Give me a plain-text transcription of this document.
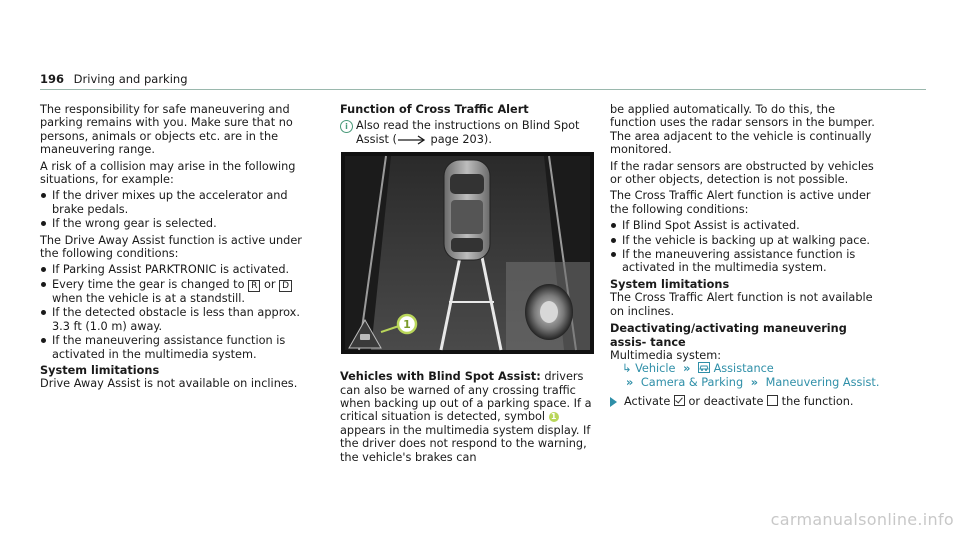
196 Driving and parking

The responsibility for safe maneuvering and parking remains with you. Make sure that no persons, animals or objects etc. are in the maneuvering range.

A risk of a collision may arise in the following situations, for example:

If the driver mixes up the accelerator and brake pedals.
If the wrong gear is selected.

The Drive Away Assist function is active under the following conditions:

If Parking Assist PARKTRONIC is activated.
Every time the gear is changed to R or D when the vehicle is at a standstill.
If the detected obstacle is less than approx. 3.3 ft (1.0 m) away.
If the maneuvering assistance function is activated in the multimedia system.
System limitations

Drive Away Assist is not available on inclines.

Function of Cross Traffic Alert
i Also read the instructions on Blind Spot Assist (	page 203).
1

Vehicles with Blind Spot Assist: drivers can also be warned of any crossing traffic when backing up out of a parking space. If a critical situation is detected, symbol 1 appears in the multimedia system display. If the driver does not respond to the warning, the vehicle's brakes can

be applied automatically. To do this, the function uses the radar sensors in the bumper. The area adjacent to the vehicle is continually monitored.

If the radar sensors are obstructed by vehicles or other objects, detection is not possible.

The Cross Traffic Alert function is active under the following conditions:

If Blind Spot Assist is activated.
If the vehicle is backing up at walking pace.
If the maneuvering assistance function is activated in the multimedia system.
System limitations

The Cross Traffic Alert function is not available on inclines.

Deactivating/activating maneuvering assis- tance
Multimedia system:
↳ Vehicle » Assistance
» Camera & Parking » Maneuvering Assist.
Activate or deactivate the function.
carmanualsonline.info
